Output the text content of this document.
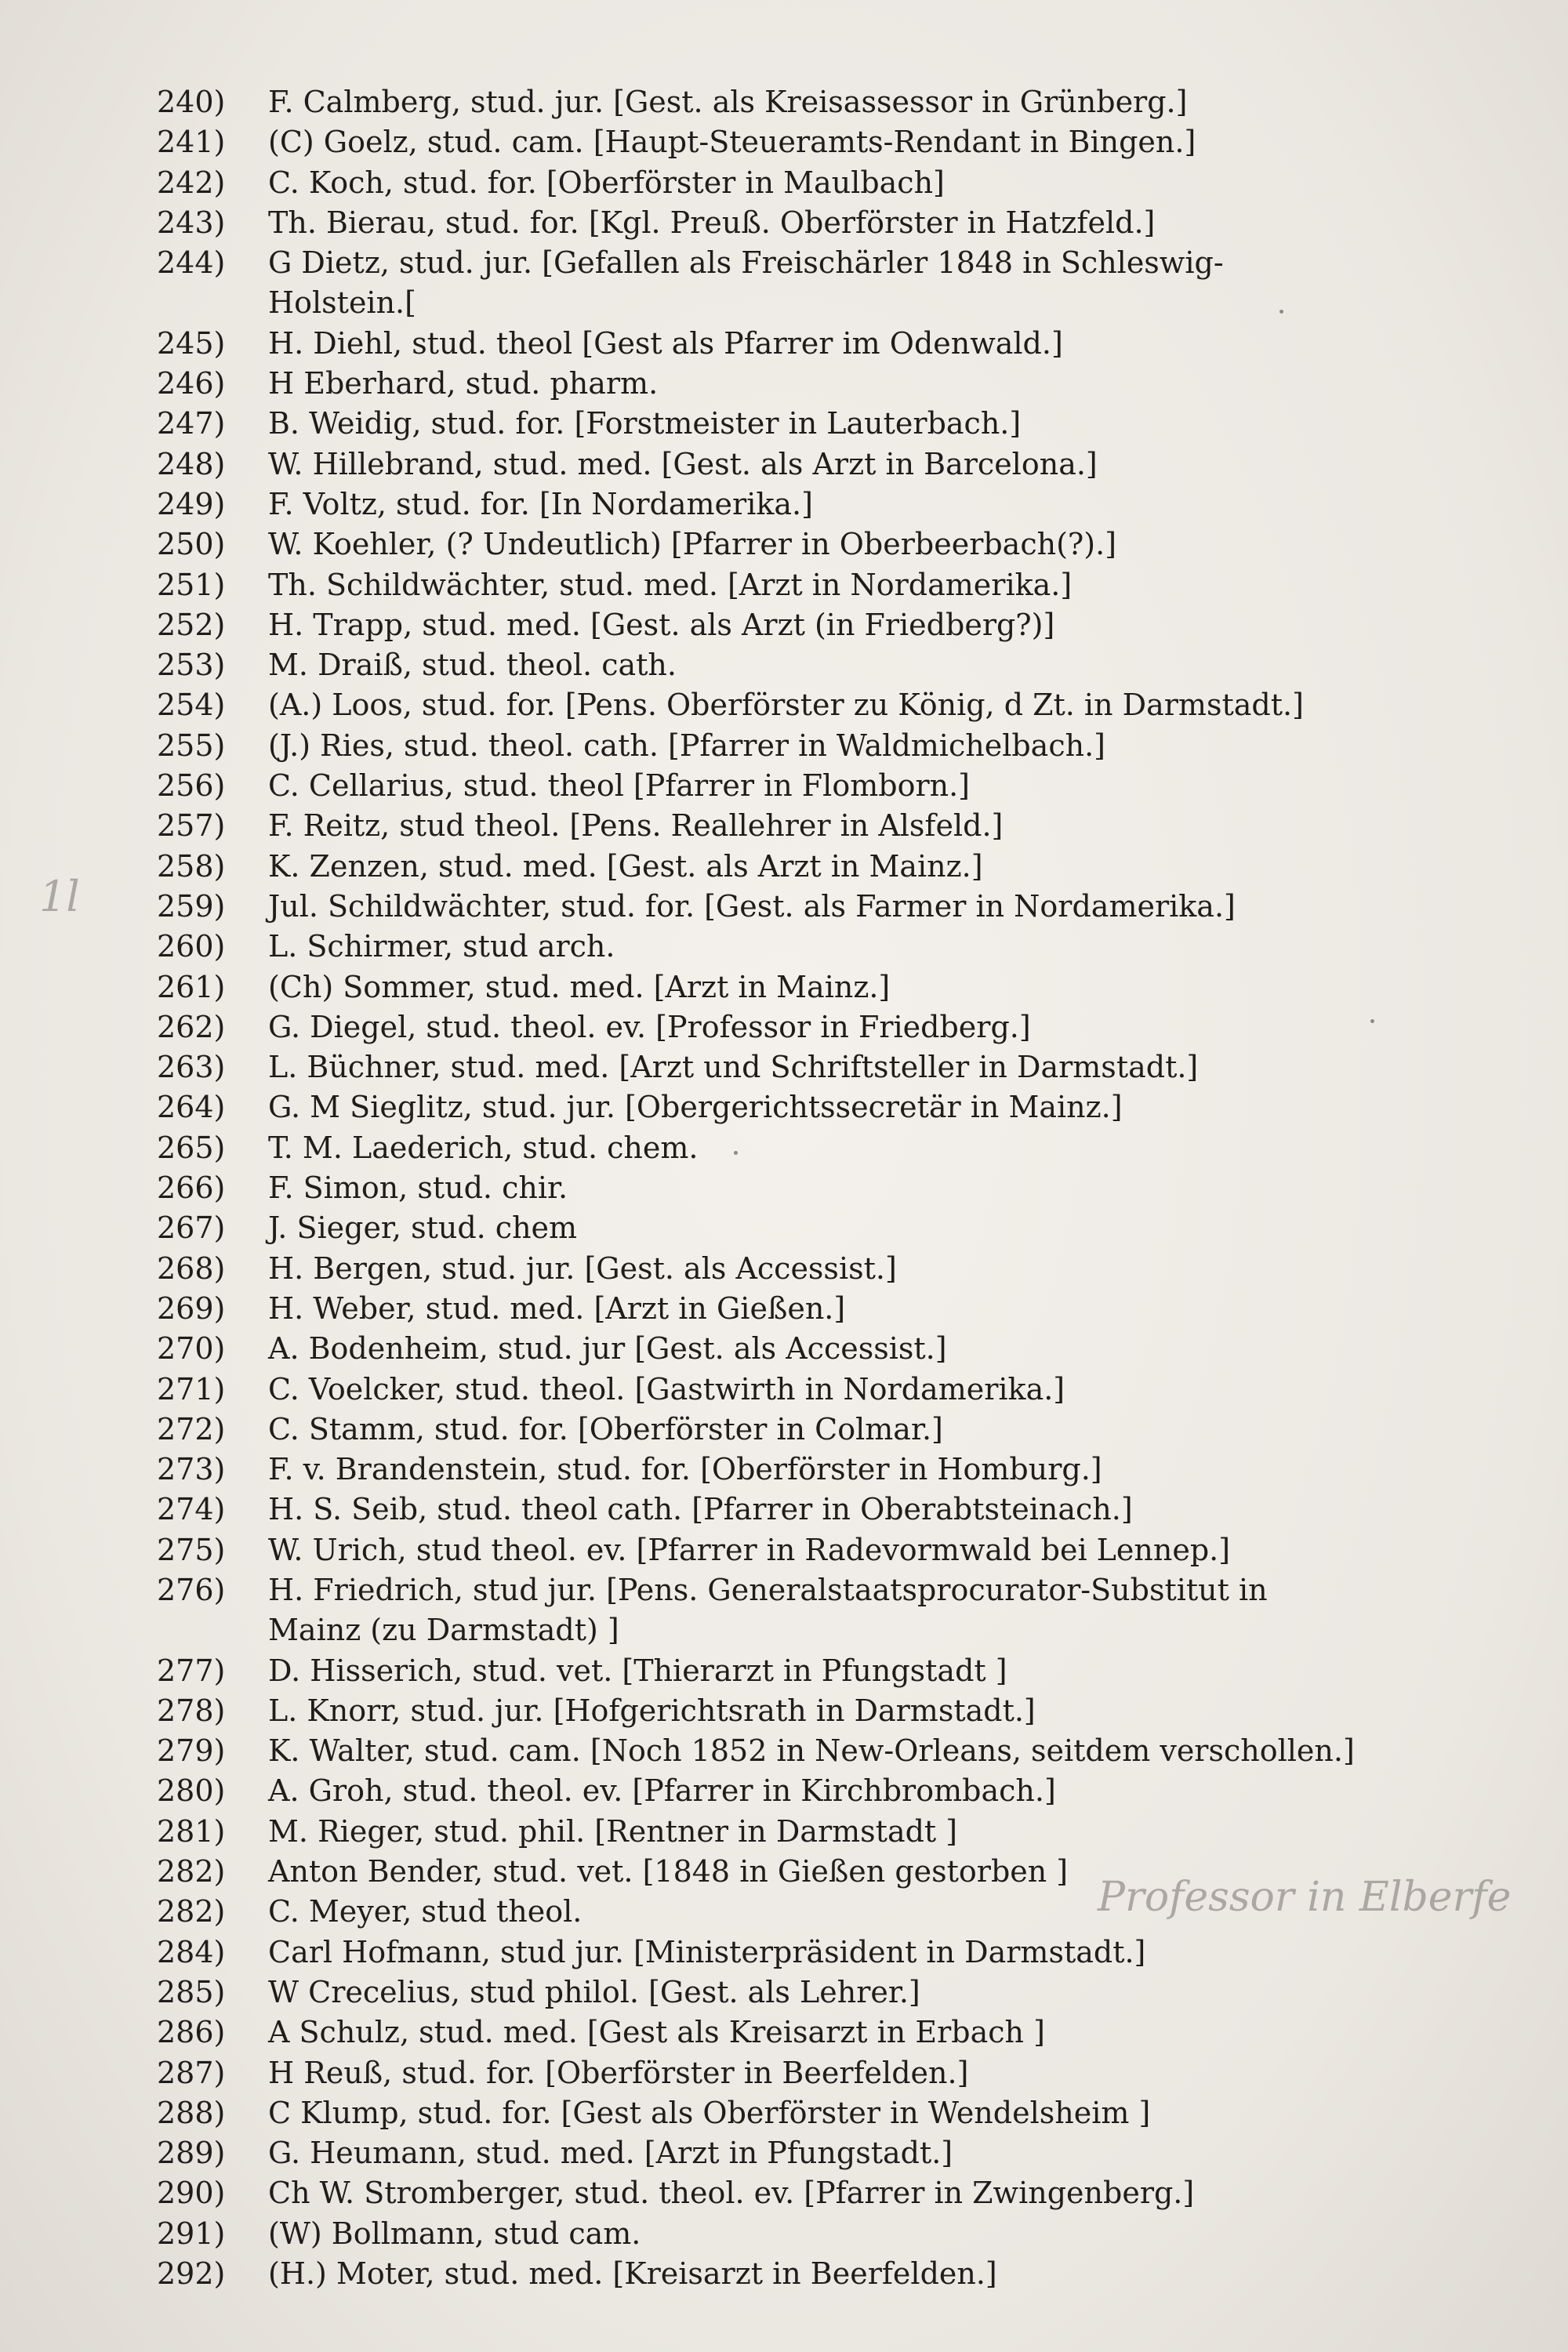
240)	F. Calmberg, stud. jur. [Gest. als Kreisassessor in Grünberg.]
241)	(C) Goelz, stud. cam. [Haupt-Steueramts-Rendant in Bingen.]
242)	C. Koch, stud. for. [Oberförster in Maulbach]
243)	Th. Bierau, stud. for. [Kgl. Preuß. Oberförster in Hatzfeld.]
244)	G Dietz, stud. jur. [Gefallen als Freischärler 1848 in Schleswig-
Holstein.[
245)	H. Diehl, stud. theol [Gest als Pfarrer im Odenwald.]
246)	H Eberhard, stud. pharm.
247)	B. Weidig, stud. for. [Forstmeister in Lauterbach.]
248)	W. Hillebrand, stud. med. [Gest. als Arzt in Barcelona.]
249)	F. Voltz, stud. for. [In Nordamerika.]
250)	W. Koehler, (? Undeutlich) [Pfarrer in Oberbeerbach(?).]
251)	Th. Schildwächter, stud. med. [Arzt in Nordamerika.]
252)	H. Trapp, stud. med. [Gest. als Arzt (in Friedberg?)]
253)	M. Draiß, stud. theol. cath.
254)	(A.) Loos, stud. for. [Pens. Oberförster zu König, d Zt. in Darmstadt.]
255)	(J.) Ries, stud. theol. cath. [Pfarrer in Waldmichelbach.]
256)	C. Cellarius, stud. theol [Pfarrer in Flomborn.]
257)	F. Reitz, stud theol. [Pens. Reallehrer in Alsfeld.]
258)	K. Zenzen, stud. med. [Gest. als Arzt in Mainz.]
259)	Jul. Schildwächter, stud. for. [Gest. als Farmer in Nordamerika.]
260)	L. Schirmer, stud arch.
261)	(Ch) Sommer, stud. med. [Arzt in Mainz.]
262)	G. Diegel, stud. theol. ev. [Professor in Friedberg.]
263)	L. Büchner, stud. med. [Arzt und Schriftsteller in Darmstadt.]
264)	G. M Sieglitz, stud. jur. [Obergerichtssecretär in Mainz.]
265)	T. M. Laederich, stud. chem.
266)	F. Simon, stud. chir.
267)	J. Sieger, stud. chem
268)	H. Bergen, stud. jur. [Gest. als Accessist.]
269)	H. Weber, stud. med. [Arzt in Gießen.]
270)	A. Bodenheim, stud. jur [Gest. als Accessist.]
271)	C. Voelcker, stud. theol. [Gastwirth in Nordamerika.]
272)	C. Stamm, stud. for. [Oberförster in Colmar.]
273)	F. v. Brandenstein, stud. for. [Oberförster in Homburg.]
274)	H. S. Seib, stud. theol cath. [Pfarrer in Oberabtsteinach.]
275)	W. Urich, stud theol. ev. [Pfarrer in Radevormwald bei Lennep.]
276)	H. Friedrich, stud jur. [Pens. Generalstaatsprocurator-Substitut in
Mainz (zu Darmstadt) ]
277)	D. Hisserich, stud. vet. [Thierarzt in Pfungstadt ]
278)	L. Knorr, stud. jur. [Hofgerichtsrath in Darmstadt.]
279)	K. Walter, stud. cam. [Noch 1852 in New-Orleans, seitdem verschollen.]
280)	A. Groh, stud. theol. ev. [Pfarrer in Kirchbrombach.]
281)	M. Rieger, stud. phil. [Rentner in Darmstadt ]
282)	Anton Bender, stud. vet. [1848 in Gießen gestorben ]
282)	C. Meyer, stud theol.
284)	Carl Hofmann, stud jur. [Ministerpräsident in Darmstadt.]
285)	W Crecelius, stud philol. [Gest. als Lehrer.]
286)	A Schulz, stud. med. [Gest als Kreisarzt in Erbach ]
287)	H Reuß, stud. for. [Oberförster in Beerfelden.]
288)	C Klump, stud. for. [Gest als Oberförster in Wendelsheim ]
289)	G. Heumann, stud. med. [Arzt in Pfungstadt.]
290)	Ch W. Stromberger, stud. theol. ev. [Pfarrer in Zwingenberg.]
291)	(W) Bollmann, stud cam.
292)	(H.) Moter, stud. med. [Kreisarzt in Beerfelden.]
1l
Professor in Elberfe
